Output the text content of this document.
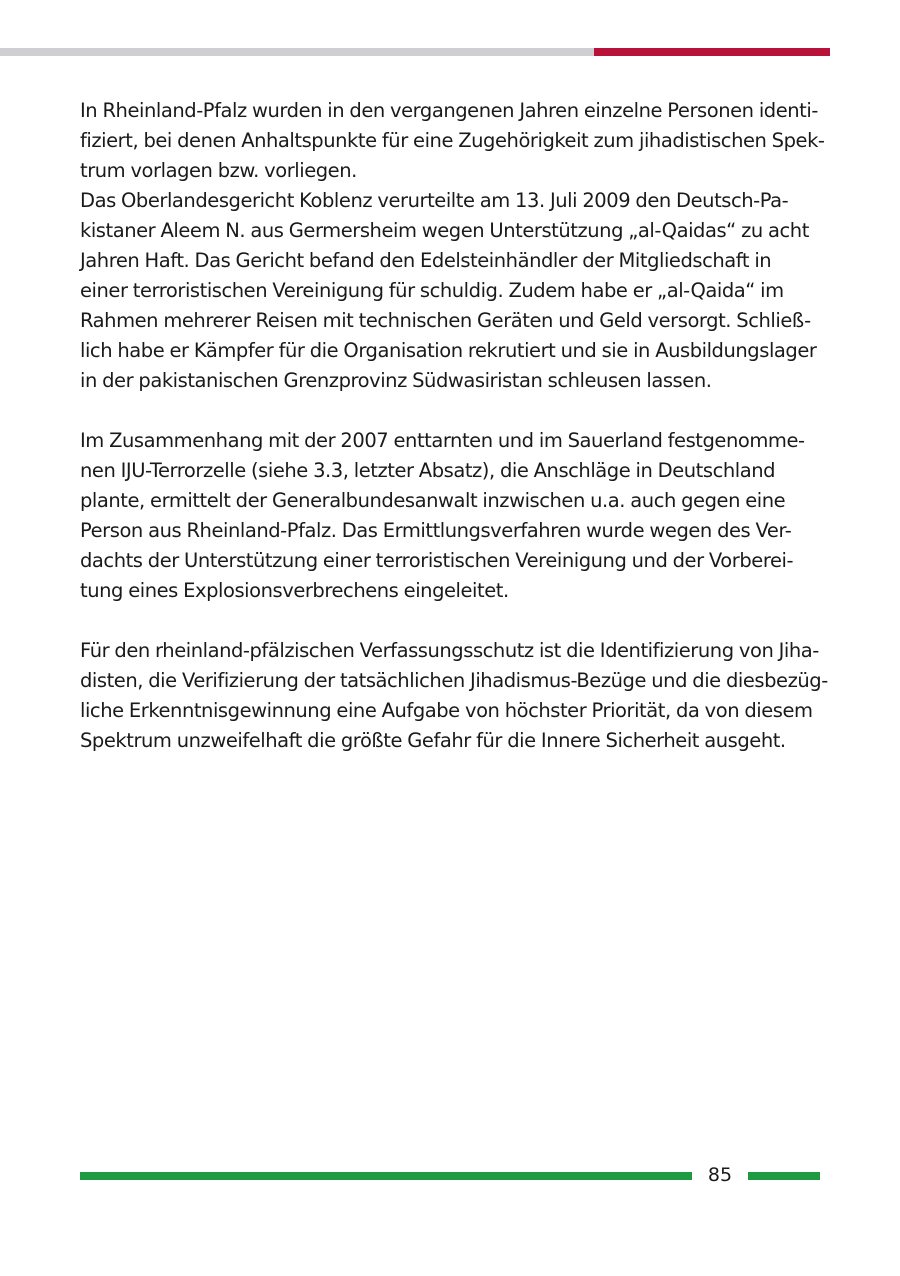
In Rheinland-Pfalz wurden in den vergangenen Jahren einzelne Personen identi-
fiziert, bei denen Anhaltspunkte für eine Zugehörigkeit zum jihadistischen Spek-
trum vorlagen bzw. vorliegen.
Das Oberlandesgericht Koblenz verurteilte am 13. Juli 2009 den Deutsch-Pa-
kistaner Aleem N. aus Germersheim wegen Unterstützung „al-Qaidas“ zu acht
Jahren Haft. Das Gericht befand den Edelsteinhändler der Mitgliedschaft in
einer terroristischen Vereinigung für schuldig. Zudem habe er „al-Qaida“ im
Rahmen mehrerer Reisen mit technischen Geräten und Geld versorgt. Schließ-
lich habe er Kämpfer für die Organisation rekrutiert und sie in Ausbildungslager
in der pakistanischen Grenzprovinz Südwasiristan schleusen lassen.
Im Zusammenhang mit der 2007 enttarnten und im Sauerland festgenomme-
nen IJU-Terrorzelle (siehe 3.3, letzter Absatz), die Anschläge in Deutschland
plante, ermittelt der Generalbundesanwalt inzwischen u.a. auch gegen eine
Person aus Rheinland-Pfalz. Das Ermittlungsverfahren wurde wegen des Ver-
dachts der Unterstützung einer terroristischen Vereinigung und der Vorberei-
tung eines Explosionsverbrechens eingeleitet.
Für den rheinland-pfälzischen Verfassungsschutz ist die Identifizierung von Jiha-
disten, die Verifizierung der tatsächlichen Jihadismus-Bezüge und die diesbezüg-
liche Erkenntnisgewinnung eine Aufgabe von höchster Priorität, da von diesem
Spektrum unzweifelhaft die größte Gefahr für die Innere Sicherheit ausgeht.
85
